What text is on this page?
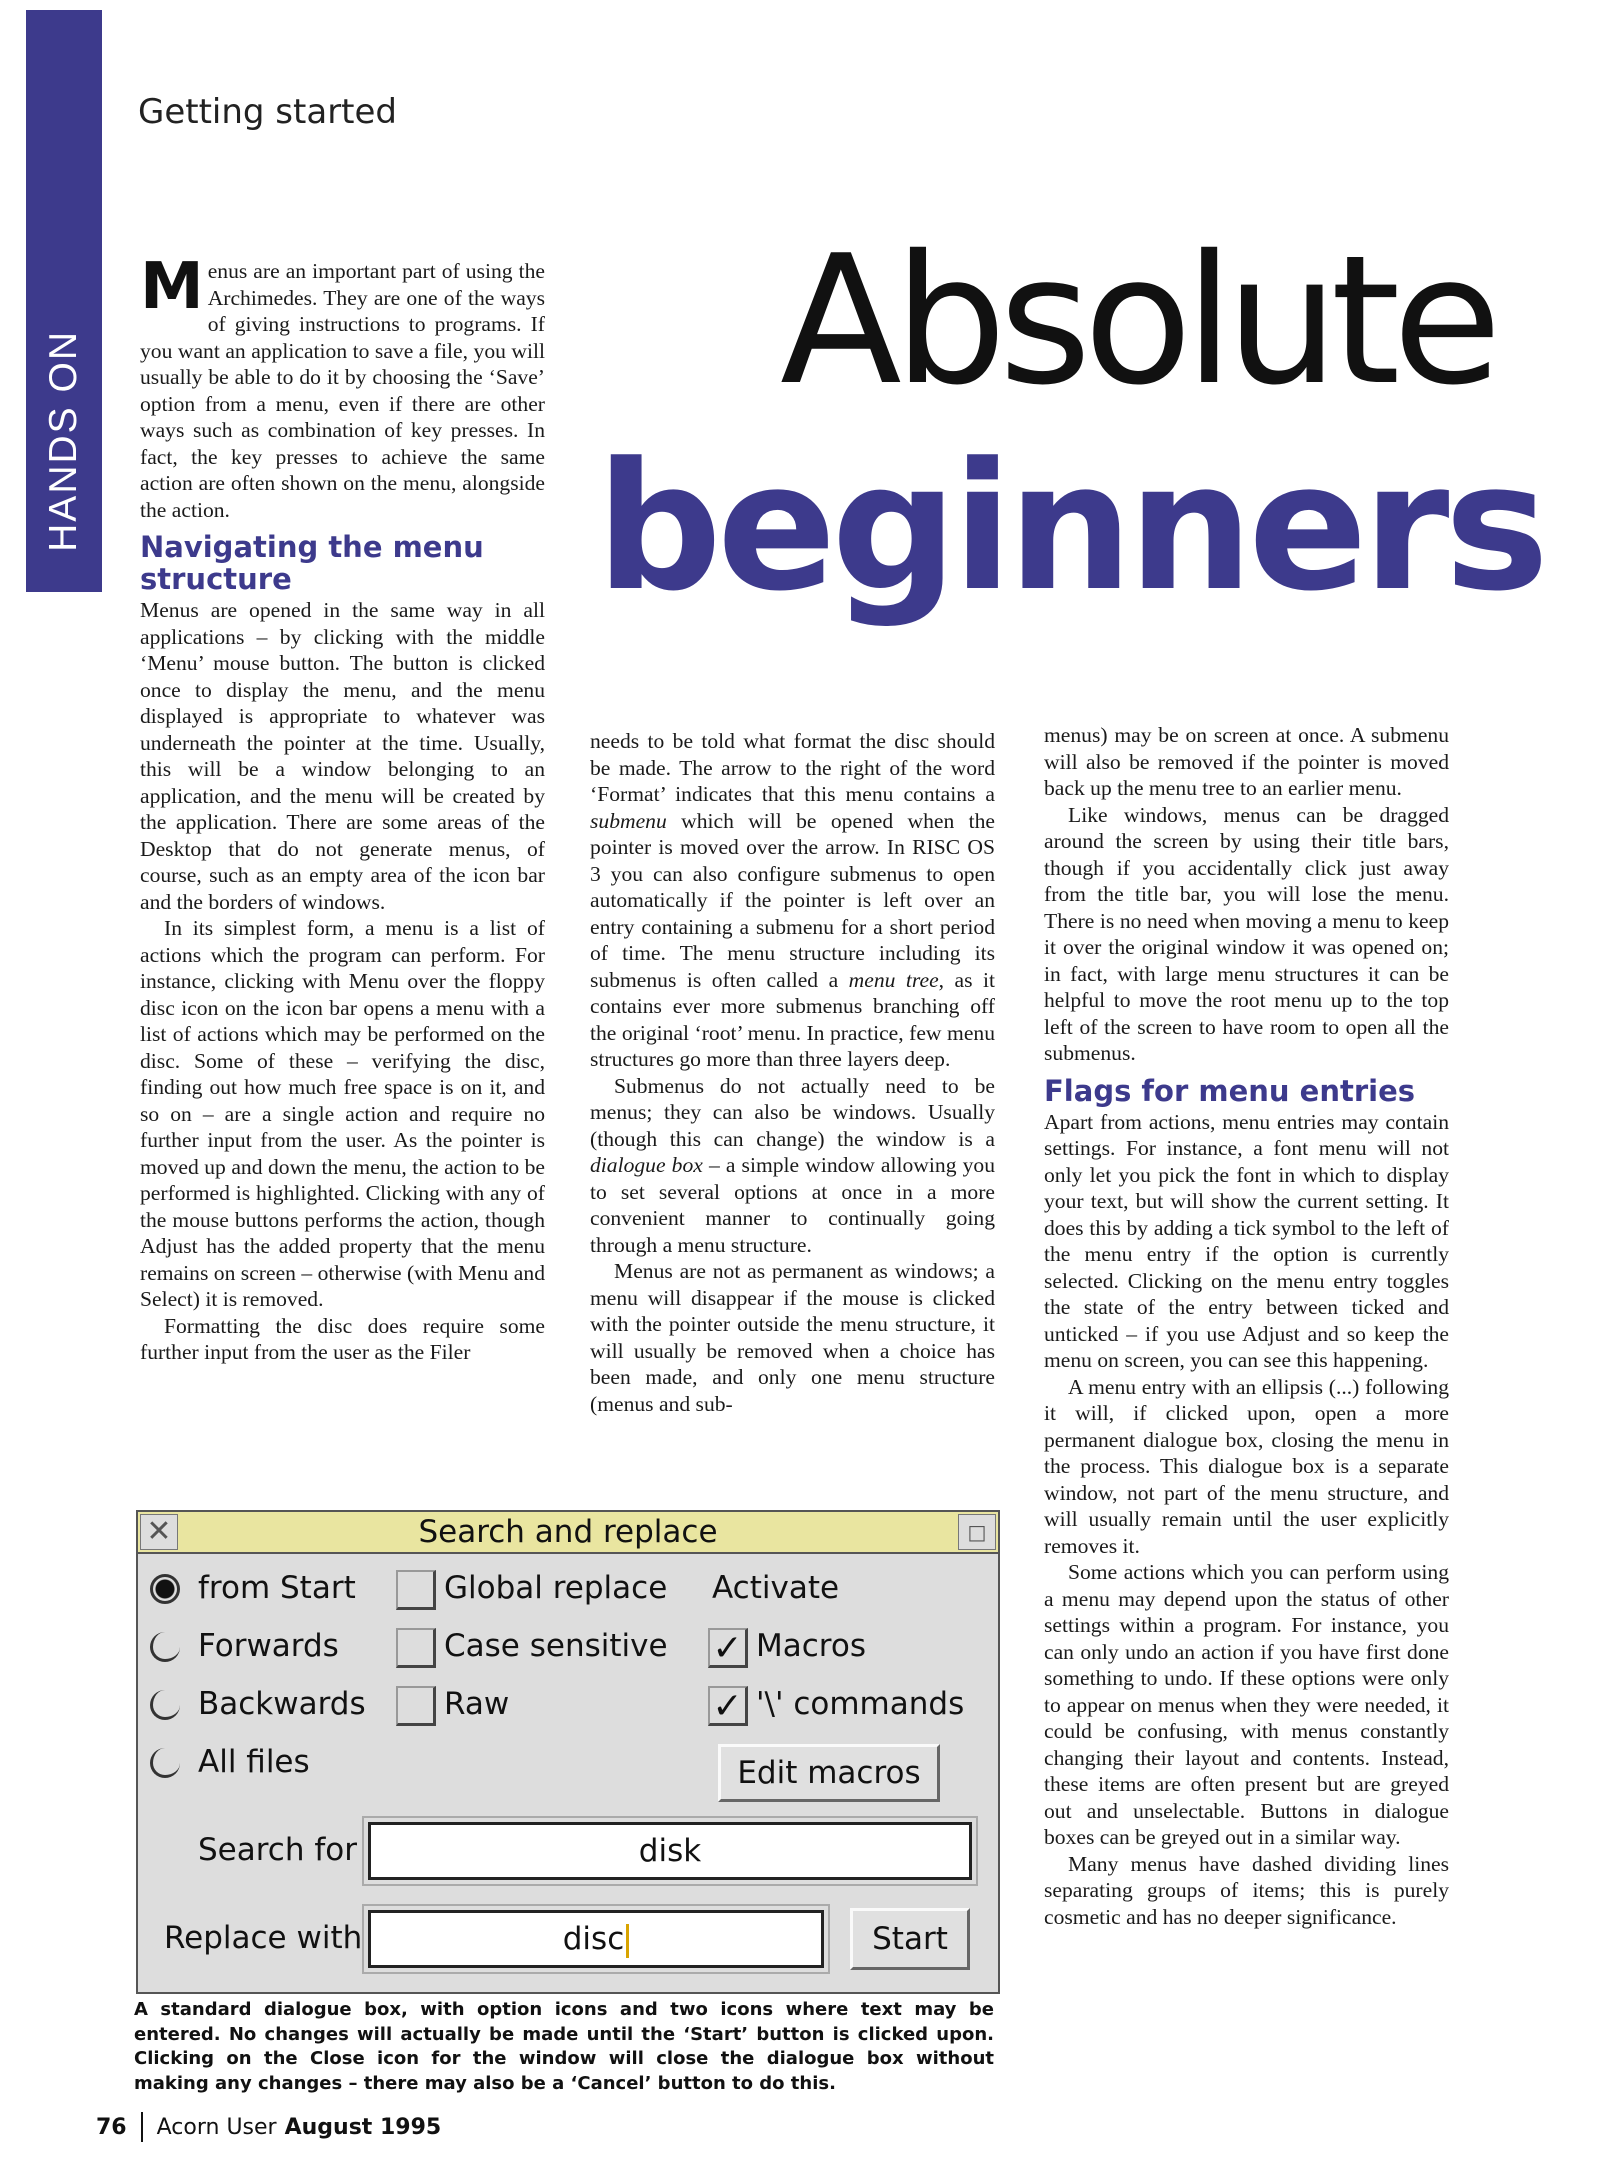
HANDS ON
Getting started
Absolute
beginners

Menus are an important part of using the Archimedes. They are one of the ways of giving instructions to programs. If you want an application to save a file, you will usually be able to do it by choosing the ‘Save’ option from a menu, even if there are other ways such as combination of key presses. In fact, the key presses to achieve the same action are often shown on the menu, alongside the action.

Navigating the menu structure

Menus are opened in the same way in all applications – by clicking with the middle ‘Menu’ mouse button. The button is clicked once to display the menu, and the menu displayed is appropriate to whatever was underneath the pointer at the time. Usually, this will be a window belonging to an application, and the menu will be created by the application. There are some areas of the Desktop that do not generate menus, of course, such as an empty area of the icon bar and the borders of windows.

In its simplest form, a menu is a list of actions which the program can perform. For instance, clicking with Menu over the floppy disc icon on the icon bar opens a menu with a list of actions which may be performed on the disc. Some of these – verifying the disc, finding out how much free space is on it, and so on – are a single action and require no further input from the user. As the pointer is moved up and down the menu, the action to be performed is highlighted. Clicking with any of the mouse buttons performs the action, though Adjust has the added property that the menu remains on screen – otherwise (with Menu and Select) it is removed.

Formatting the disc does require some further input from the user as the Filer

needs to be told what format the disc should be made. The arrow to the right of the word ‘Format’ indicates that this menu contains a submenu which will be opened when the pointer is moved over the arrow. In RISC OS 3 you can also configure submenus to open automatically if the pointer is left over an entry containing a submenu for a short period of time. The menu structure including its submenus is often called a menu tree, as it contains ever more submenus branching off the original ‘root’ menu. In practice, few menu structures go more than three layers deep.

Submenus do not actually need to be menus; they can also be windows. Usually (though this can change) the window is a dialogue box – a simple window allowing you to set several options at once in a more convenient manner to continually going through a menu structure.

Menus are not as permanent as windows; a menu will disappear if the mouse is clicked with the pointer outside the menu structure, it will usually be removed when a choice has been made, and only one menu structure (menus and sub-

menus) may be on screen at once. A submenu will also be removed if the pointer is moved back up the menu tree to an earlier menu.

Like windows, menus can be dragged around the screen by using their title bars, though if you accidentally click just away from the title bar, you will lose the menu. There is no need when moving a menu to keep it over the original window it was opened on; in fact, with large menu structures it can be helpful to move the root menu up to the top left of the screen to have room to open all the submenus.

Flags for menu entries

Apart from actions, menu entries may contain settings. For instance, a font menu will not only let you pick the font in which to display your text, but will show the current setting. It does this by adding a tick symbol to the left of the menu entry if the option is currently selected. Clicking on the menu entry toggles the state of the entry between ticked and unticked – if you use Adjust and so keep the menu on screen, you can see this happening.

A menu entry with an ellipsis (...) following it will, if clicked upon, open a more permanent dialogue box, closing the menu in the process. This dialogue box is a separate window, not part of the menu structure, and will usually remain until the user explicitly removes it.

Some actions which you can perform using a menu may depend upon the status of other settings within a program. For instance, you can only undo an action if you have first done something to undo. If these options were only to appear on menus when they were needed, it could be confusing, with menus constantly changing their layout and contents. Instead, these items are often present but are greyed out and unselectable. Buttons in dialogue boxes can be greyed out in a similar way.

Many menus have dashed dividing lines separating groups of items; this is purely cosmetic and has no deeper significance.

✕	Search and replace	□
from Start
Forwards
Backwards
All files
Global replace
Case sensitive
Raw
Activate
✓ Macros
✓ '\' commands
Edit macros
Search for	disk
Replace with	disc	Start
A standard dialogue box, with option icons and two icons where text may be entered. No changes will actually be made until the ‘Start’ button is clicked upon. Clicking on the Close icon for the window will close the dialogue box without making any changes – there may also be a ‘Cancel’ button to do this.
76 Acorn User August 1995
